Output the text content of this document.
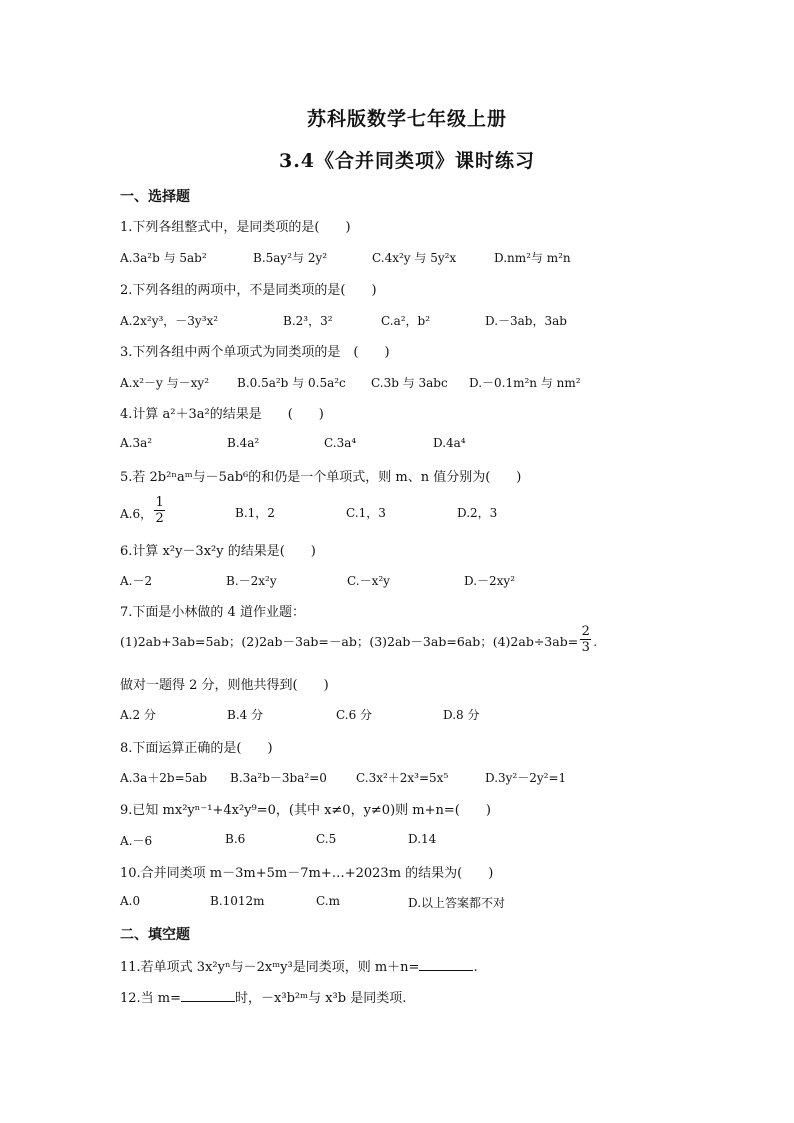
苏科版数学七年级上册
3.4《合并同类项》课时练习
一、选择题
1.下列各组整式中，是同类项的是(　　)
A.3a²b 与 5ab²	B.5ay²与 2y²	C.4x²y 与 5y²x	D.nm²与 m²n
2.下列各组的两项中，不是同类项的是(　　)
A.2x²y³，－3y³x²	B.2³，3²	C.a²，b²	D.－3ab，3ab
3.下列各组中两个单项式为同类项的是　(　　)
A.x²－y 与－xy² B.0.5a²b 与 0.5a²c C.3b 与 3abc D.－0.1m²n 与 nm²
4.计算 a²＋3a²的结果是　　(　　)
A.3a²	B.4a²	C.3a⁴	D.4a⁴
5.若 2b²ⁿaᵐ与－5ab⁶的和仍是一个单项式，则 m、n 值分别为(　　)
A.6， $\frac{1}{2}$	B.1，2	C.1，3	D.2，3
6.计算 x²y－3x²y 的结果是(　　)
A.－2	B.－2x²y	C.－x²y	D.－2xy²
7.下面是小林做的 4 道作业题：
(1)2ab+3ab=5ab；(2)2ab－3ab=－ab；(3)2ab－3ab=6ab；$(4)2ab\div 3ab= \frac{2}{3}$ .
做对一题得 2 分，则他共得到(　　)
A.2 分	B.4 分	C.6 分	D.8 分
8.下面运算正确的是(　　)
A.3a＋2b=5ab B.3a²b－3ba²=0 C.3x²＋2x³=5x⁵	D.3y²－2y²=1
9.已知 mx²yⁿ⁻¹+4x²y⁹=0，(其中 x≠0，y≠0)则 m+n=(　　)
A.－6	B.6	C.5	D.14
10.合并同类项 m－3m+5m－7m+…+2023m 的结果为(　　)
A.0	B.1012m	C.m	D.以上答案都不对
二、填空题
11.若单项式 3x²yⁿ与－2xᵐy³是同类项，则 m＋n=	.
12.当 m=	时，－x³b²ᵐ与 x³b 是同类项.
